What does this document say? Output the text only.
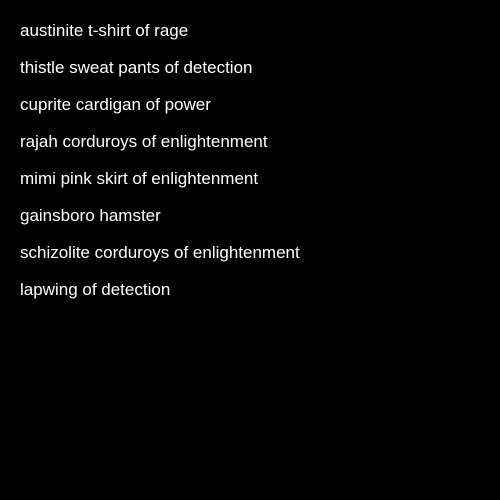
austinite t-shirt of rage
thistle sweat pants of detection
cuprite cardigan of power
rajah corduroys of enlightenment
mimi pink skirt of enlightenment
gainsboro hamster
schizolite corduroys of enlightenment
lapwing of detection
